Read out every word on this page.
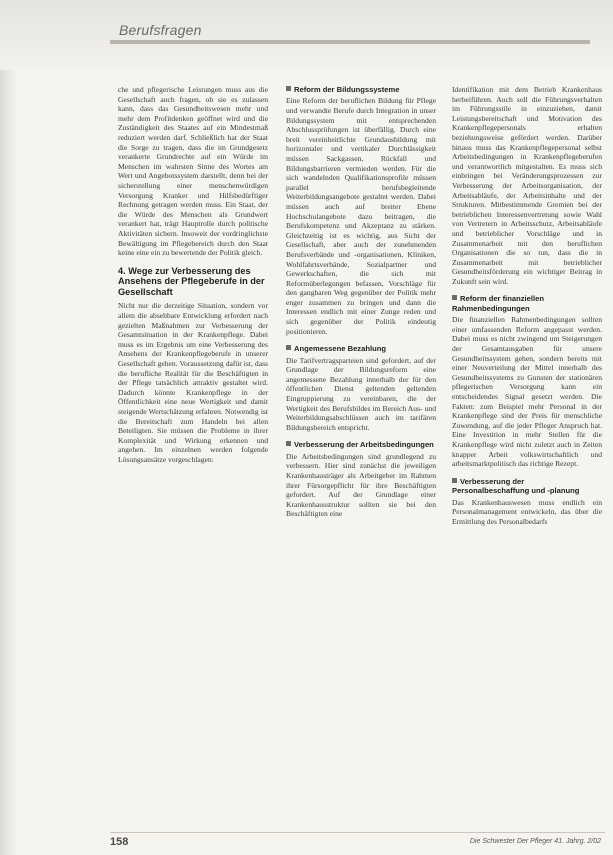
Berufsfragen

che und pflegerische Leistungen muss aus die Gesellschaft auch fragen, ob sie es zulassen kann, dass das Gesundheitswesen mehr und mehr dem Profitdenken geöffnet wird und die Zuständigkeit des Staates auf ein Mindestmaß reduziert werden darf. Schließlich hat der Staat die Sorge zu tragen, dass die im Grundgesetz verankerte Grundrechte auf ein Würde im Menschen im wahrsten Sinne des Wortes am Wert und Angebotssystem darstellt, denn bei der sicherstellung einer menschenwürdigen Versorgung Kranker und Hilfsbedürftiger Rechnung getragen werden muss. Ein Staat, der die Würde des Menschen als Grundwert verankert hat, trägt Hauptrolle durch politische Aktivitäten sichern. Insoweit der vordringlichste Bewältigung im Pflegebereich durch den Staat keine eine ein zu bewertende der Politik gleich.

4. Wege zur Verbesserung des Ansehens der Pflegeberufe in der Gesellschaft

Nicht nur die derzeitige Situation, sondern vor allem die absehbare Entwicklung erfordert nach gezielten Maßnahmen zur Verbesserung der Gesamtsituation in der Krankenpflege. Dabei muss es im Ergebnis um eine Verbesserung des Ansehens der Krankenpflegeberufe in unserer Gesellschaft gehen. Voraussetzung dafür ist, dass die berufliche Realität für die Beschäftigten in der Pflege tatsächlich attraktiv gestaltet wird. Dadurch könnte Krankenpflege in der Öffentlichkeit eine neue Wertigkeit und damit steigende Wertschätzung erfahren. Notwendig ist die Bereitschaft zum Handeln bei allen Beteiligten. Sie müssen die Probleme in ihrer Komplexität und Wirkung erkennen und angehen. Im einzelnen werden folgende Lösungsansätze vorgeschlagen:

Reform der Bildungssysteme

Eine Reform der beruflichen Bildung für Pflege und verwandte Berufe durch Integration in unser Bildungssystem mit entsprechenden Abschlussprüfungen ist überfällig. Durch eine breit vereinheitlichte Grundausbildung mit horizontaler und vertikaler Durchlässigkeit müssen Sackgassen, Rückfall und Bildungsbarrieren vermieden werden. Für die sich wandelnden Qualifikationsprofile müssen parallel berufsbegleitende Weiterbildungsangebote gestaltet werden. Dabei müssen auch auf breiter Ebene Hochschulangebote dazu beitragen, die Berufskompetenz und Akzeptanz zu stärken. Gleichzeitig ist es wichtig, aus Sicht der Gesellschaft, aber auch der zunehmenden Berufsverbände und -organisationen, Kliniken, Wohlfahrtsverbände, Sozialpartner und Gewerkschaften, die sich mit Reformüberlegungen befassen, Vorschläge für den gangbaren Weg gegenüber der Politik mehr enger zusammen zu bringen und dann die Interessen endlich mit einer Zunge reden und sich gegenüber der Politik eindeutig positionieren.

Angemessene Bezahlung

Die Tarifvertragsparteien sind gefordert, auf der Grundlage der Bildungsreform eine angemessene Bezahlung innerhalb der für den öffentlichen Dienst geltenden geltenden Eingruppierung zu vereinbaren, die der Wertigkeit des Berufsbildes im Bereich Aus- und Weiterbildungsabschlüssen auch im tarifären Bildungsbereich entspricht.

Verbesserung der Arbeitsbedingungen

Die Arbeitsbedingungen sind grundlegend zu verbessern. Hier sind zunächst die jeweiligen Krankenhausträger als Arbeitgeber im Rahmen ihrer Fürsorgepflicht für ihre Beschäftigten gefordert. Auf der Grundlage einer Krankenhausstruktur sollten sie bei den Beschäftigten eine

Identifikation mit dem Betrieb Krankenhaus herbeiführen. Auch soll die Führungsverhalten im Führungsstile in einzuziehen, damit Leistungsbereitschaft und Motivation des Krankenpflegepersonals erhalten beziehungsweise gefördert werden. Darüber hinaus muss das Krankenpflegepersonal selbst Arbeitsbedingungen in Krankenpflegeberufen und verantwortlich mitgestalten. Es muss sich einbringen bei Veränderungsprozessen zur Verbesserung der Arbeitsorganisation, der Arbeitsabläufe, der Arbeitsinhalte und der Strukturen. Mitbestimmende Gremien bei der betrieblichen Interessenvertretung sowie Wahl von Vertretern in Arbeitsschutz, Arbeitsabläufe und betrieblicher Vorschläge und in Zusammenarbeit mit den beruflichen Organisationen die so tun, dass die in Zusammenarbeit mit betrieblicher Gesundheitsförderung ein wichtiger Beitrag in Zukunft sein wird.

Reform der finanziellen Rahmenbedingungen

Die finanziellen Rahmenbedingungen sollten einer umfassenden Reform angepasst werden. Dabei muss es nicht zwingend um Steigerungen der Gesamtausgaben für unsere Gesundheitssystem gehen, sondern bereits mit einer Neuverteilung der Mittel innerhalb des Gesundheitssystems zu Gunsten der stationären pflegerischen Versorgung kann ein entscheidendes Signal gesetzt werden. Die Fakten: zum Beispiel mehr Personal in der Krankenpflege sind der Preis für menschliche Zuwendung, auf die jeder Pfleger Anspruch hat. Eine Investition in mehr Stellen für die Krankenpflege wird nicht zuletzt auch in Zeiten knapper Arbeit volkswirtschaftlich und arbeitsmarktpolitisch das richtige Rezept.

Verbesserung der Personalbeschaffung und -planung

Das Krankenhauswesen muss endlich ein Personalmanagement entwickeln, das über die Ermittlung des Personalbedarfs

158	Die Schwester Der Pfleger 41. Jahrg. 2/02
